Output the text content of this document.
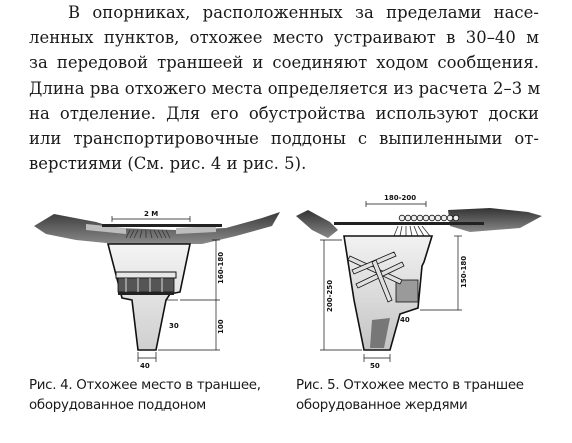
В опорниках, расположенных за пределами насе-
ленных пунктов, отхожее место устраивают в 30–40 м
за передовой траншеей и соединяют ходом сообщения.
Длина рва отхожего места определяется из расчета 2–3 м
на отделение. Для его обустройства используют доски
или транспортировочные поддоны с выпиленными от-
верстиями (См. рис. 4 и рис. 5).
2 М
160-180
100
30
40
180-200
150-180
200-250
40
50
Рис. 4. Отхожее место в траншее,
оборудованное поддоном
Рис. 5. Отхожее место в траншее
оборудованное жердями
